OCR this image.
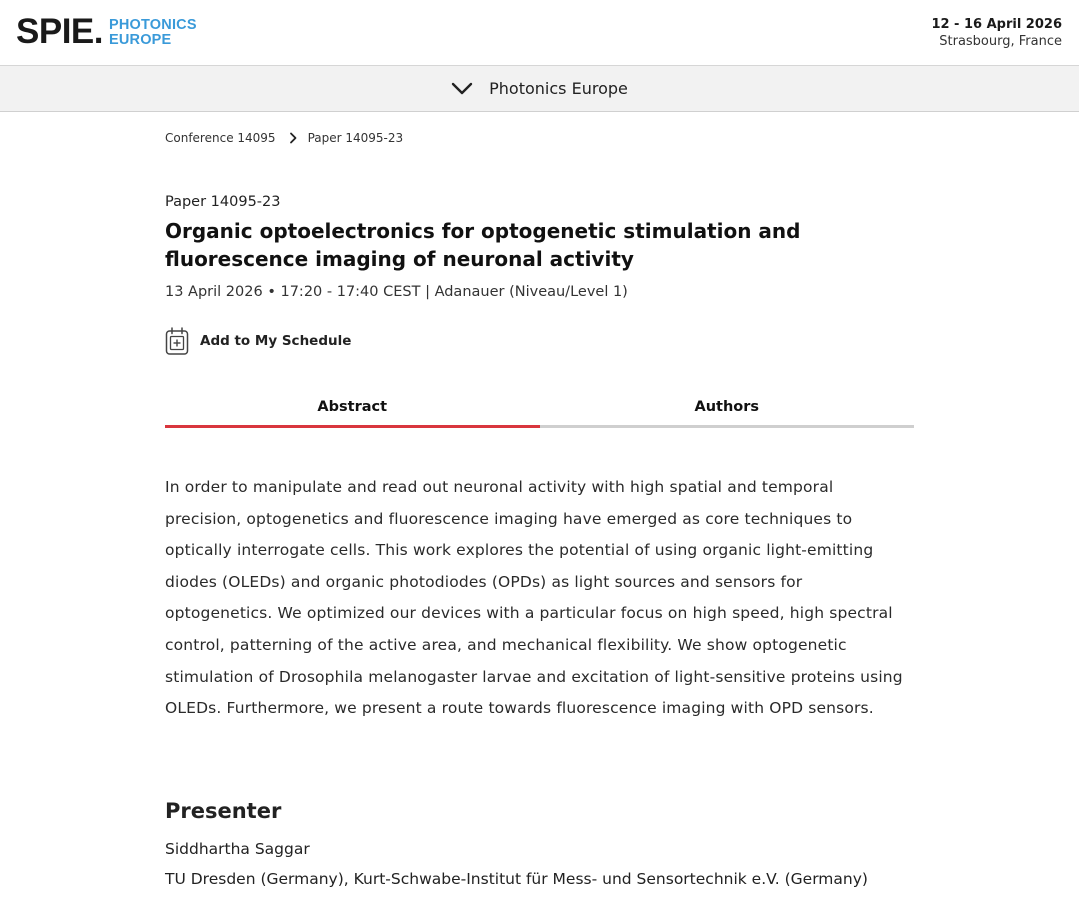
SPIE. PHOTONICS
EUROPE
12 - 16 April 2026
Strasbourg, France
Photonics Europe
Conference 14095	Paper 14095-23
Paper 14095-23
Organic optoelectronics for optogenetic stimulation and fluorescence imaging of neuronal activity
13 April 2026 • 17:20 - 17:40 CEST | Adanauer (Niveau/Level 1)
Add to My Schedule
Abstract	Authors

In order to manipulate and read out neuronal activity with high spatial and temporal precision, optogenetics and fluorescence imaging have emerged as core techniques to optically interrogate cells. This work explores the potential of using organic light-emitting diodes (OLEDs) and organic photodiodes (OPDs) as light sources and sensors for optogenetics. We optimized our devices with a particular focus on high speed, high spectral control, patterning of the active area, and mechanical flexibility. We show optogenetic stimulation of Drosophila melanogaster larvae and excitation of light-sensitive proteins using OLEDs. Furthermore, we present a route towards fluorescence imaging with OPD sensors.

Presenter
Siddhartha Saggar
TU Dresden (Germany), Kurt-Schwabe-Institut für Mess- und Sensortechnik e.V. (Germany)
